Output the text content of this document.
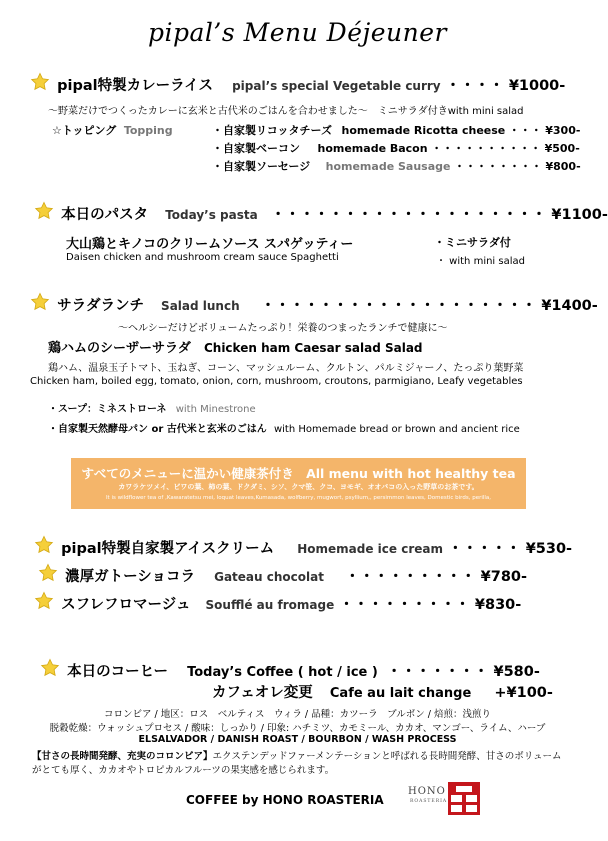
pipal’s Menu Déjeuner
pipal特製カレーライス pipal’s special Vegetable curry ・・・・ ¥1000-
〜野菜だけでつくったカレーに玄米と古代米のごはんを合わせました〜　ミニサラダ付きwith mini salad
☆トッピング Topping	・自家製リコッタチーズ homemade Ricotta cheese ・・・ ¥300-
・自家製ベーコン homemade Bacon ・・・・・・・・・・ ¥500-
・自家製ソーセージ homemade Sausage ・・・・・・・・ ¥800-
本日のパスタ Today’s pasta ・・・・・・・・・・・・・・・・・・・ ¥1100-
大山鶏とキノコのクリームソース スパゲッティー
Daisen chicken and mushroom cream sauce Spaghetti
・ミニサラダ付
・ with mini salad
サラダランチ Salad lunch ・・・・・・・・・・・・・・・・・・・ ¥1400-
〜ヘルシーだけどボリュームたっぷり！栄養のつまったランチで健康に〜
鶏ハムのシーザーサラダ Chicken ham Caesar salad Salad
鶏ハム、温泉玉子トマト、玉ねぎ、コーン、マッシュルーム、クルトン、パルミジャーノ、たっぷり葉野菜
Chicken ham, boiled egg, tomato, onion, corn, mushroom, croutons, parmigiano, Leafy vegetables
・スープ：ミネストローネ with Minestrone
・自家製天然酵母パン or 古代米と玄米のごはん with Homemade bread or brown and ancient rice
すべてのメニューに温かい健康茶付き All menu with hot healthy tea
カワラケツメイ、ビワの葉、柿の葉、ドクダミ、シソ、クマ笹、クコ、ヨモギ、オオバコの入った野草のお茶です。
It is wildflower tea of ,Kawaratetsu mei, loquat leaves,Kumasada, wolfberry, mugwort, psyllium,, persimmon leaves, Domestic birds, perilla,
pipal特製自家製アイスクリーム Homemade ice cream ・・・・・ ¥530-
濃厚ガトーショコラ Gateau chocolat ・・・・・・・・・ ¥780-
スフレフロマージュ Soufflé au fromage ・・・・・・・・・ ¥830-
本日のコーヒー Today’s Coffee ( hot / ice ) ・・・・・・・ ¥580-
カフェオレ変更 Cafe au lait change +¥100-
コロンビア / 地区：ロス　ベルティス　ウィラ / 品種：カツーラ　ブルボン / 焙煎：浅煎り
脱穀乾燥：ウォッシュプロセス / 酸味：しっかり / 印象: ハチミツ、カモミール、カカオ、マンゴー、ライム、ハーブ
ELSALVADOR / DANISH ROAST / BOURBON / WASH PROCESS
【甘さの長時間発酵、充実のコロンビア】エクステンデッドファーメンテーションと呼ばれる長時間発酵、甘さのボリュームがとても厚く、カカオやトロピカルフルーツの果実感を感じられます。
COFFEE by HONO ROASTERIA
HONO
ROASTERIA
